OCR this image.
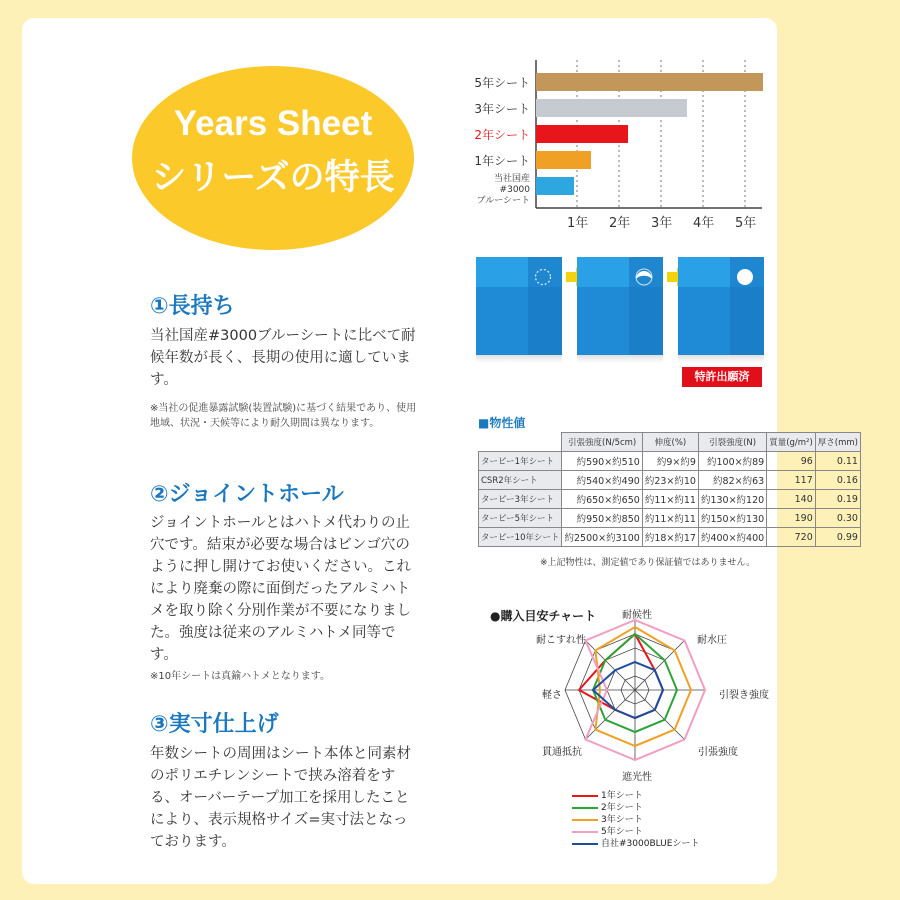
Years Sheet
シリーズの特長
①長持ち
当社国産#3000ブルーシートに比べて耐候年数が長く、長期の使用に適しています。
※当社の促進暴露試験(装置試験)に基づく結果であり、使用地域、状況・天候等により耐久期間は異なります。
②ジョイントホール
ジョイントホールとはハトメ代わりの止穴です。結束が必要な場合はビンゴ穴のように押し開けてお使いください。これにより廃棄の際に面倒だったアルミハトメを取り除く分別作業が不要になりました。強度は従来のアルミハトメ同等です。
※10年シートは真鍮ハトメとなります。
③実寸仕上げ
年数シートの周囲はシート本体と同素材のポリエチレンシートで挟み溶着をする、オーバーテープ加工を採用したことにより、表示規格サイズ=実寸法となっております。
5年シート
3年シート
2年シート
1年シート
当社国産#3000
ブルーシート
1年 2年 3年 4年 5年
特許出願済
■物性値
	引張強度(N/5cm)	伸度(%)	引裂強度(N)	質量(g/m²)	厚さ(mm)
ターピー1年シート	約590×約510	約9×約9	約100×約89	96	0.11
CSR2年シート	約540×約490	約23×約10	約82×約63	117	0.16
ターピー3年シート	約650×約650	約11×約11	約130×約120	140	0.19
ターピー5年シート	約950×約850	約11×約11	約150×約130	190	0.30
ターピー10年シート	約2500×約3100	約18×約17	約400×約400	720	0.99
※上記物性は、測定値であり保証値ではありません。
●購入目安チャート	耐候性
耐水圧
引裂き強度
引張強度
遮光性
貫通抵抗
軽さ
耐こすれ性
1年シート
2年シート
3年シート
5年シート
自社#3000BLUEシート
